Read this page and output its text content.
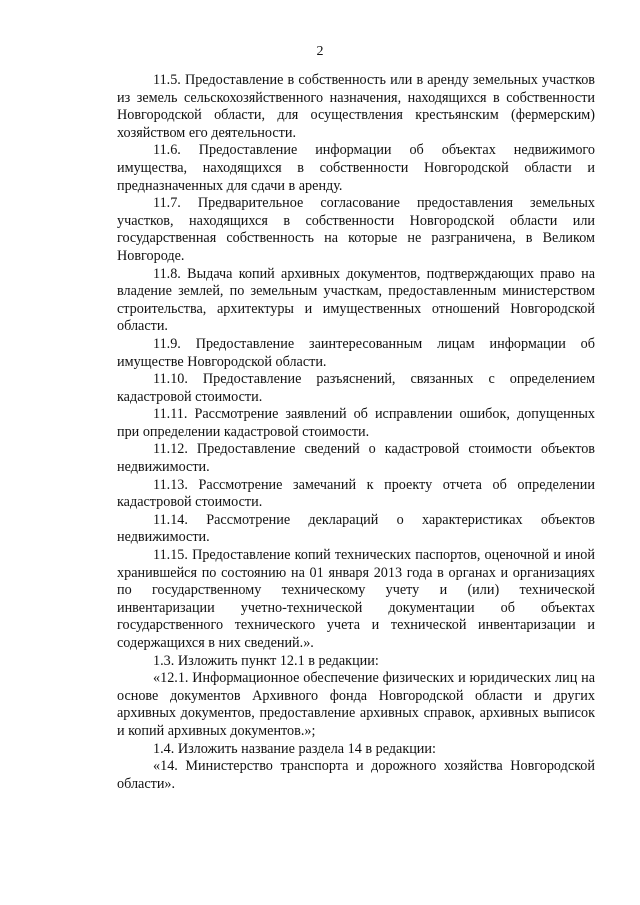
2

11.5. Предоставление в собственность или в аренду земельных участков из земель сельскохозяйственного назначения, находящихся в собственности Новгородской области, для осуществления крестьянским (фермерским) хозяйством его деятельности.

11.6. Предоставление информации об объектах недвижимого имущества, находящихся в собственности Новгородской области и предназначенных для сдачи в аренду.

11.7. Предварительное согласование предоставления земельных участков, находящихся в собственности Новгородской области или государственная собственность на которые не разграничена, в Великом Новгороде.

11.8. Выдача копий архивных документов, подтверждающих право на владение землей, по земельным участкам, предоставленным министерством строительства, архитектуры и имущественных отношений Новгородской области.

11.9. Предоставление заинтересованным лицам информации об имуществе Новгородской области.

11.10. Предоставление разъяснений, связанных с определением кадастровой стоимости.

11.11. Рассмотрение заявлений об исправлении ошибок, допущенных при определении кадастровой стоимости.

11.12. Предоставление сведений о кадастровой стоимости объектов недвижимости.

11.13. Рассмотрение замечаний к проекту отчета об определении кадастровой стоимости.

11.14. Рассмотрение деклараций о характеристиках объектов недвижимости.

11.15. Предоставление копий технических паспортов, оценочной и иной хранившейся по состоянию на 01 января 2013 года в органах и организациях по государственному техническому учету и (или) технической инвентаризации учетно-технической документации об объектах государственного технического учета и технической инвентаризации и содержащихся в них сведений.».

1.3. Изложить пункт 12.1 в редакции:

«12.1. Информационное обеспечение физических и юридических лиц на основе документов Архивного фонда Новгородской области и других архивных документов, предоставление архивных справок, архивных выписок и копий архивных документов.»;

1.4. Изложить название раздела 14 в редакции:

«14. Министерство транспорта и дорожного хозяйства Новгородской области».
